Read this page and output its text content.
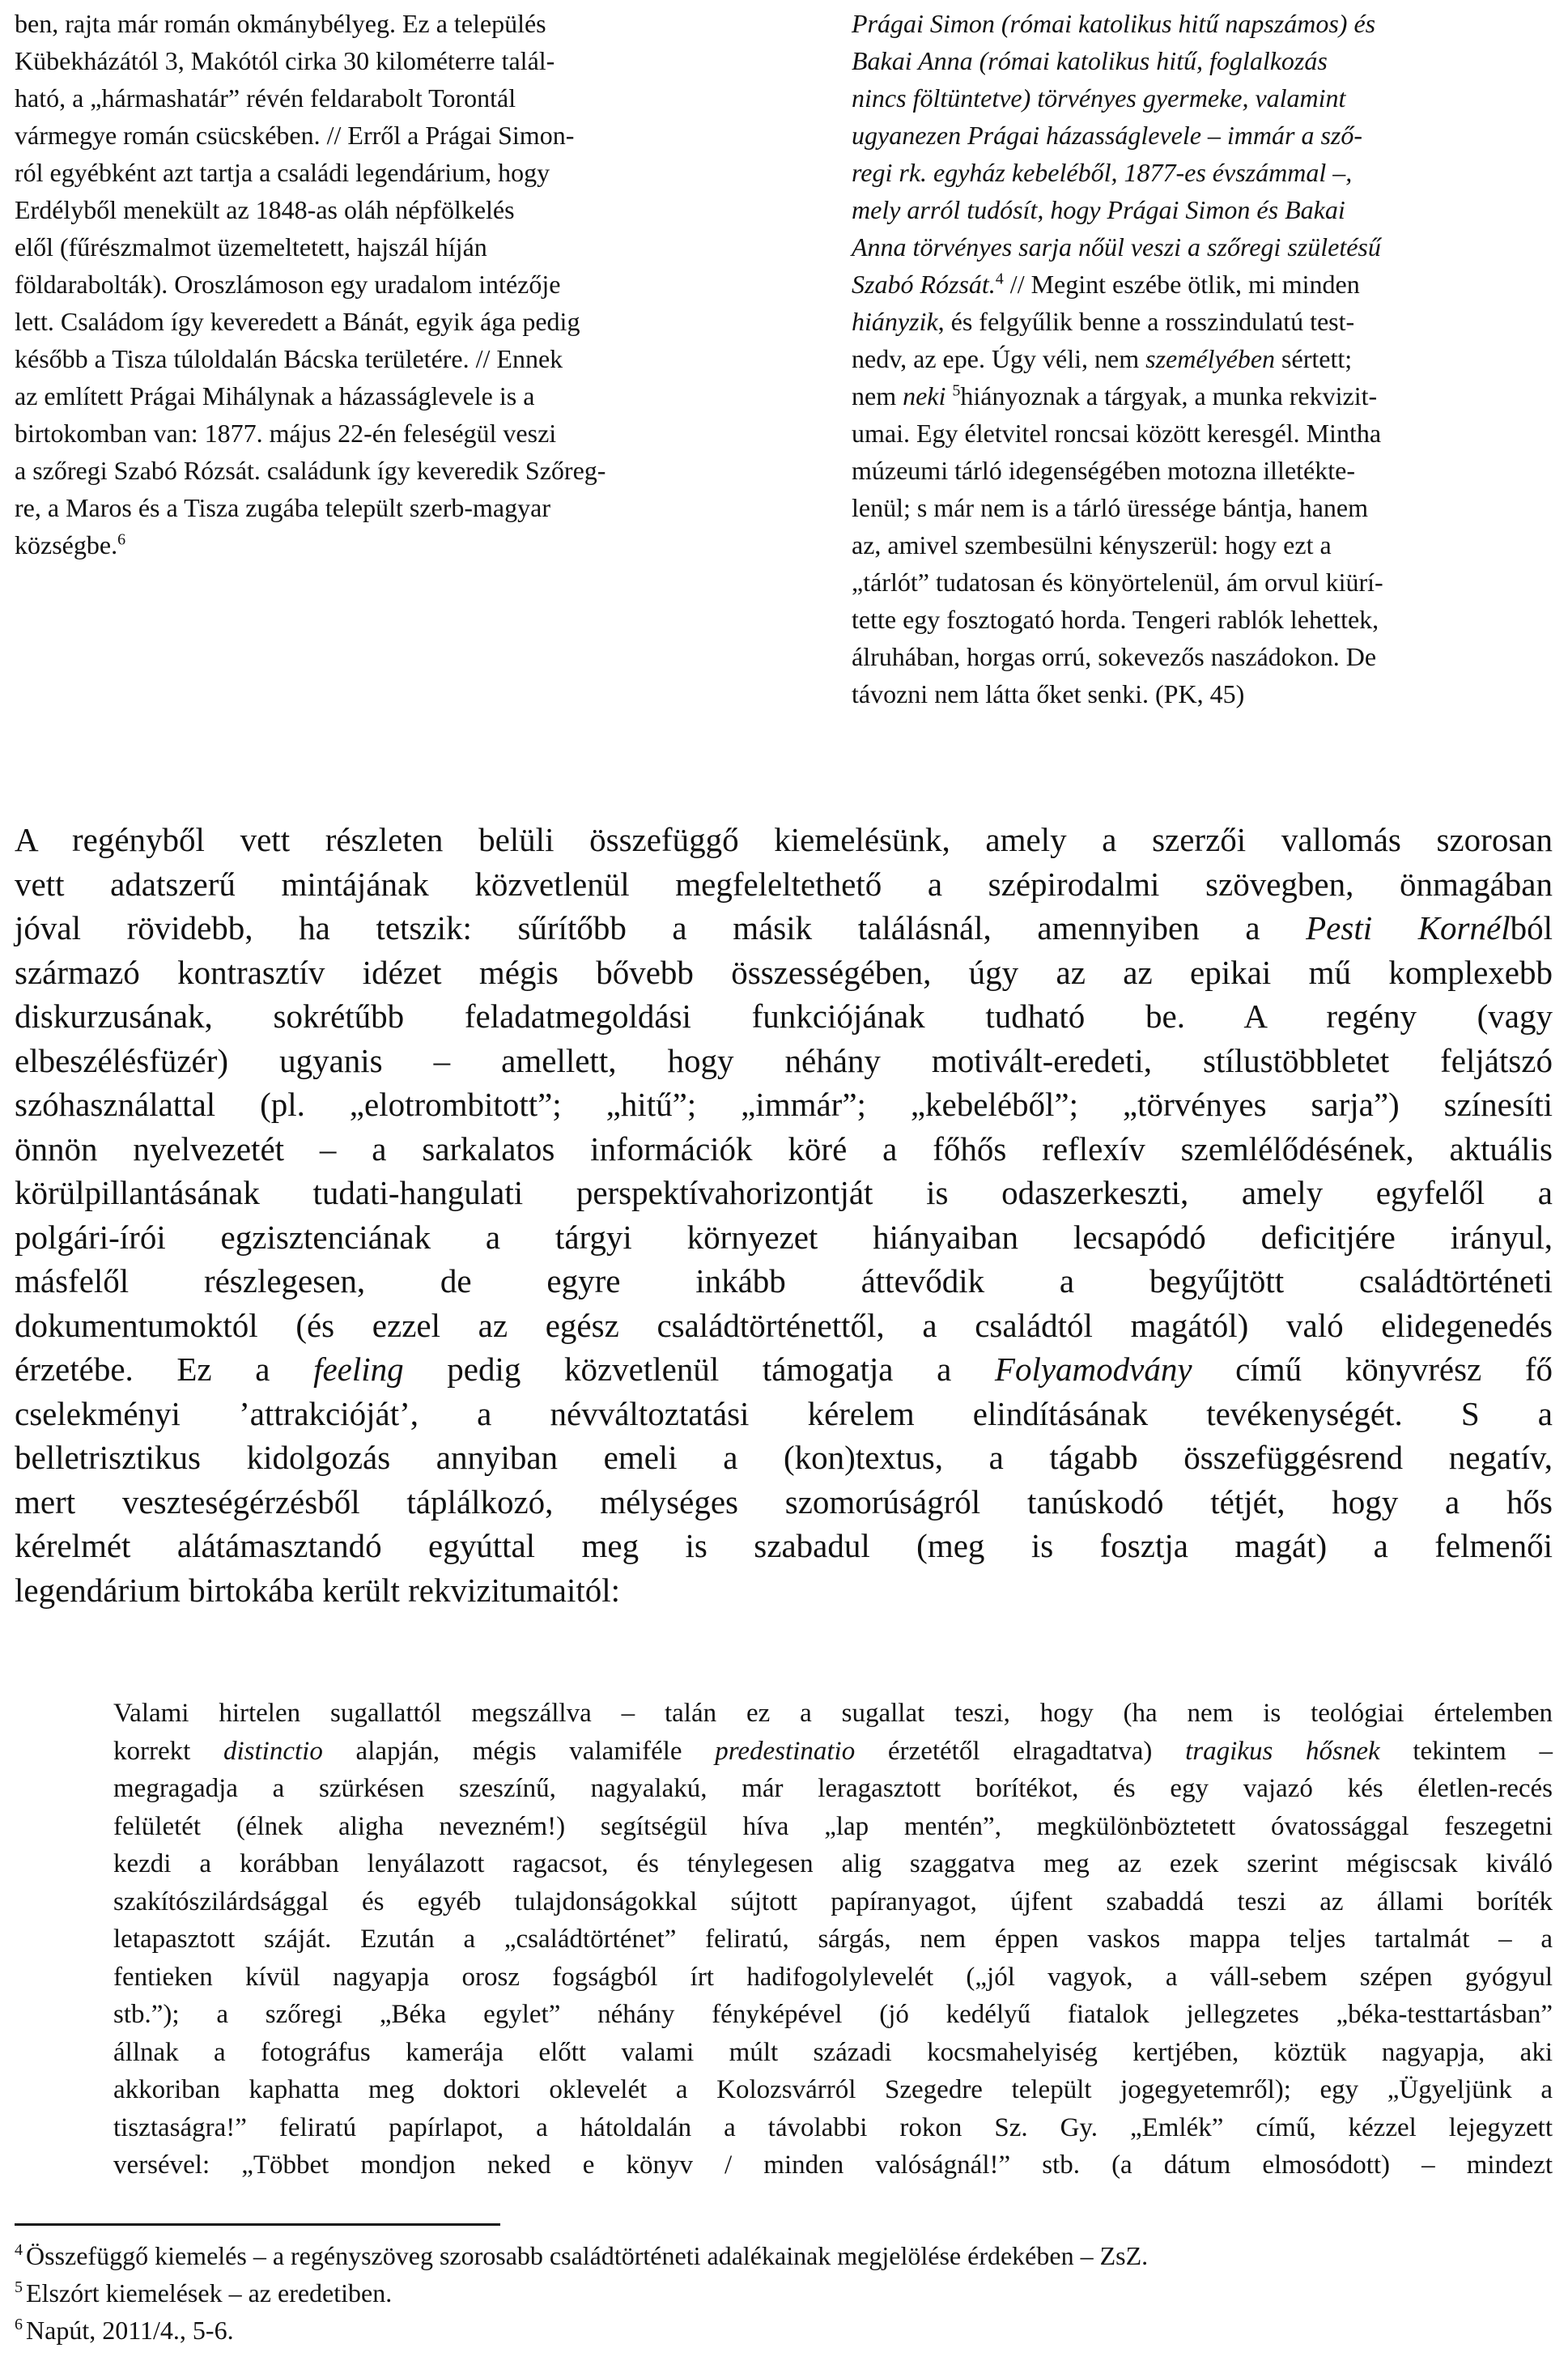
ben, rajta már román okmánybélyeg. Ez a település
Kübekházától 3, Makótól cirka 30 kilométerre talál-
ható, a „hármashatár” révén feldarabolt Torontál
vármegye román csücskében. // Erről a Prágai Simon-
ról egyébként azt tartja a családi legendárium, hogy
Erdélyből menekült az 1848-as oláh népfölkelés
elől (fűrészmalmot üzemeltetett, hajszál híján
földarabolták). Oroszlámoson egy uradalom intézője
lett. Családom így keveredett a Bánát, egyik ága pedig
később a Tisza túloldalán Bácska területére. // Ennek
az említett Prágai Mihálynak a házasságlevele is a
birtokomban van: 1877. május 22-én feleségül veszi
a szőregi Szabó Rózsát. családunk így keveredik Szőreg-
re, a Maros és a Tisza zugába települt szerb-magyar
községbe.$^6$
Prágai Simon (római katolikus hitű napszámos) és
Bakai Anna (római katolikus hitű, foglalkozás
nincs föltüntetve) törvényes gyermeke, valamint
ugyanezen Prágai házasságlevele – immár a sző-
regi rk. egyház kebeléből, 1877-es évszámmal –,
mely arról tudósít, hogy Prágai Simon és Bakai
Anna törvényes sarja nőül veszi a szőregi születésű
Szabó Rózsát.$^4$ // Megint eszébe ötlik, mi minden
hiányzik, és felgyűlik benne a rosszindulatú test-
nedv, az epe. Úgy véli, nem személyében sértett;
nem neki $^5$hiányoznak a tárgyak, a munka rekvizit-
umai. Egy életvitel roncsai között keresgél. Mintha
múzeumi tárló idegenségében motozna illetékte-
lenül; s már nem is a tárló üressége bántja, hanem
az, amivel szembesülni kényszerül: hogy ezt a
„tárlót” tudatosan és könyörtelenül, ám orvul kiürí-
tette egy fosztogató horda. Tengeri rablók lehettek,
álruhában, horgas orrú, sokevezős naszádokon. De
távozni nem látta őket senki. (PK, 45)
A regényből vett részleten belüli összefüggő kiemelésünk, amely a szerzői vallomás szorosan
vett adatszerű mintájának közvetlenül megfeleltethető a szépirodalmi szövegben, önmagában
jóval rövidebb, ha tetszik: sűrítőbb a másik találásnál, amennyiben a Pesti Kornélból
származó kontrasztív idézet mégis bővebb összességében, úgy az az epikai mű komplexebb
diskurzusának, sokrétűbb feladatmegoldási funkciójának tudható be. A regény (vagy
elbeszélésfüzér) ugyanis – amellett, hogy néhány motivált-eredeti, stílustöbbletet feljátszó
szóhasználattal (pl. „elotrombitott”; „hitű”; „immár”; „kebeléből”; „törvényes sarja”) színesíti
önnön nyelvezetét – a sarkalatos információk köré a főhős reflexív szemlélődésének, aktuális
körülpillantásának tudati-hangulati perspektívahorizontját is odaszerkeszti, amely egyfelől a
polgári-írói egzisztenciának a tárgyi környezet hiányaiban lecsapódó deficitjére irányul,
másfelől részlegesen, de egyre inkább áttevődik a begyűjtött családtörténeti
dokumentumoktól (és ezzel az egész családtörténettől, a családtól magától) való elidegenedés
érzetébe. Ez a feeling pedig közvetlenül támogatja a Folyamodvány című könyvrész fő
cselekményi ’attrakcióját’, a névváltoztatási kérelem elindításának tevékenységét. S a
belletrisztikus kidolgozás annyiban emeli a (kon)textus, a tágabb összefüggésrend negatív,
mert veszteségérzésből táplálkozó, mélységes szomorúságról tanúskodó tétjét, hogy a hős
kérelmét alátámasztandó egyúttal meg is szabadul (meg is fosztja magát) a felmenői
legendárium birtokába került rekvizitumaitól:
Valami hirtelen sugallattól megszállva – talán ez a sugallat teszi, hogy (ha nem is teológiai értelemben
korrekt distinctio alapján, mégis valamiféle predestinatio érzetétől elragadtatva) tragikus hősnek tekintem –
megragadja a szürkésen szeszínű, nagyalakú, már leragasztott borítékot, és egy vajazó kés életlen-recés
felületét (élnek aligha nevezném!) segítségül híva „lap mentén”, megkülönböztetett óvatossággal feszegetni
kezdi a korábban lenyálazott ragacsot, és ténylegesen alig szaggatva meg az ezek szerint mégiscsak kiváló
szakítószilárdsággal és egyéb tulajdonságokkal sújtott papíranyagot, újfent szabaddá teszi az állami boríték
letapasztott száját. Ezután a „családtörténet” feliratú, sárgás, nem éppen vaskos mappa teljes tartalmát – a
fentieken kívül nagyapja orosz fogságból írt hadifogolylevelét („jól vagyok, a váll-sebem szépen gyógyul
stb.”); a szőregi „Béka egylet” néhány fényképével (jó kedélyű fiatalok jellegzetes „béka-testtartásban”
állnak a fotográfus kamerája előtt valami múlt századi kocsmahelyiség kertjében, köztük nagyapja, aki
akkoriban kaphatta meg doktori oklevelét a Kolozsvárról Szegedre települt jogegyetemről); egy „Ügyeljünk a
tisztaságra!” feliratú papírlapot, a hátoldalán a távolabbi rokon Sz. Gy. „Emlék” című, kézzel lejegyzett
versével: „Többet mondjon neked e könyv / minden valóságnál!” stb. (a dátum elmosódott) – mindezt
$^4$ Összefüggő kiemelés – a regényszöveg szorosabb családtörténeti adalékainak megjelölése érdekében – ZsZ.
$^5$ Elszórt kiemelések – az eredetiben.
$^6$ Napút, 2011/4., 5-6.
